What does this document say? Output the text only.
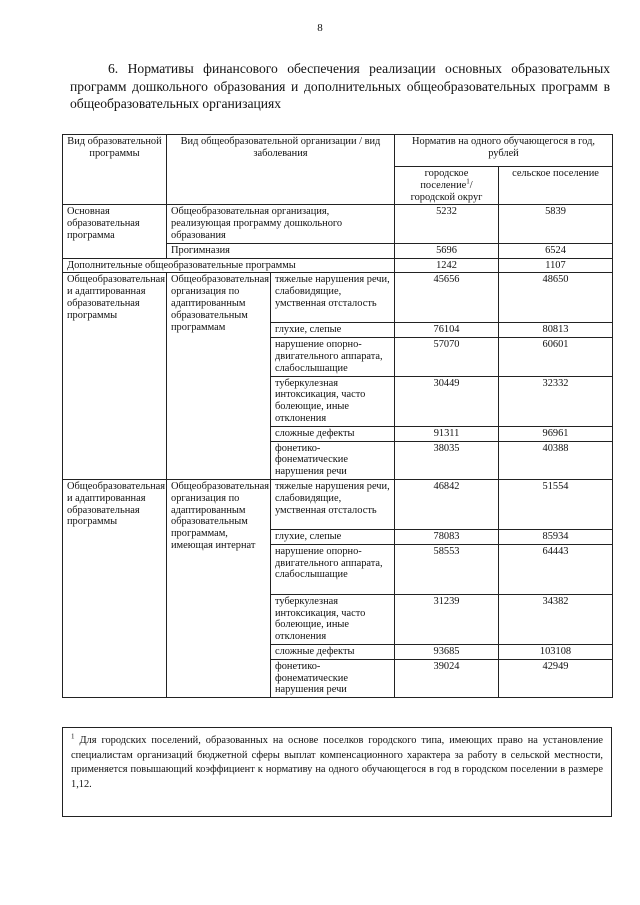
8
6. Нормативы финансового обеспечения реализации основных образовательных программ дошкольного образования и дополнительных общеобразовательных программ в общеобразовательных организациях
Вид образовательной программы	Вид общеобразовательной организации / вид заболевания		Норматив на одного обучающегося в год, рублей	
			городское поселение$^1$/ городской округ	сельское поселение
Основная образовательная программа	Общеобразовательная организация, реализующая программу дошкольного образования		5232	5839
	Прогимназия		5696	6524
Дополнительные общеобразовательные программы			1242	1107
Общеобразовательная и адаптированная образовательная программы	Общеобразовательная организация по адаптированным образовательным программам	тяжелые нарушения речи, слабовидящие, умственная отсталость	45656	48650
		глухие, слепые	76104	80813
		нарушение опорно-двигательного аппарата, слабослышащие	57070	60601
		туберкулезная интоксикация, часто болеющие, иные отклонения	30449	32332
		сложные дефекты	91311	96961
		фонетико-фонематические нарушения речи	38035	40388
Общеобразовательная и адаптированная образовательная программы	Общеобразовательная организация по адаптированным образовательным программам, имеющая интернат	тяжелые нарушения речи, слабовидящие, умственная отсталость	46842	51554
		глухие, слепые	78083	85934
		нарушение опорно-двигательного аппарата, слабослышащие	58553	64443
		туберкулезная интоксикация, часто болеющие, иные отклонения	31239	34382
		сложные дефекты	93685	103108
		фонетико-фонематические нарушения речи	39024	42949
$^1$ Для городских поселений, образованных на основе поселков городского типа, имеющих право на установление специалистам организаций бюджетной сферы выплат компенсационного характера за работу в сельской местности, применяется повышающий коэффициент к нормативу на одного обучающегося в год в городском поселении в размере 1,12.
